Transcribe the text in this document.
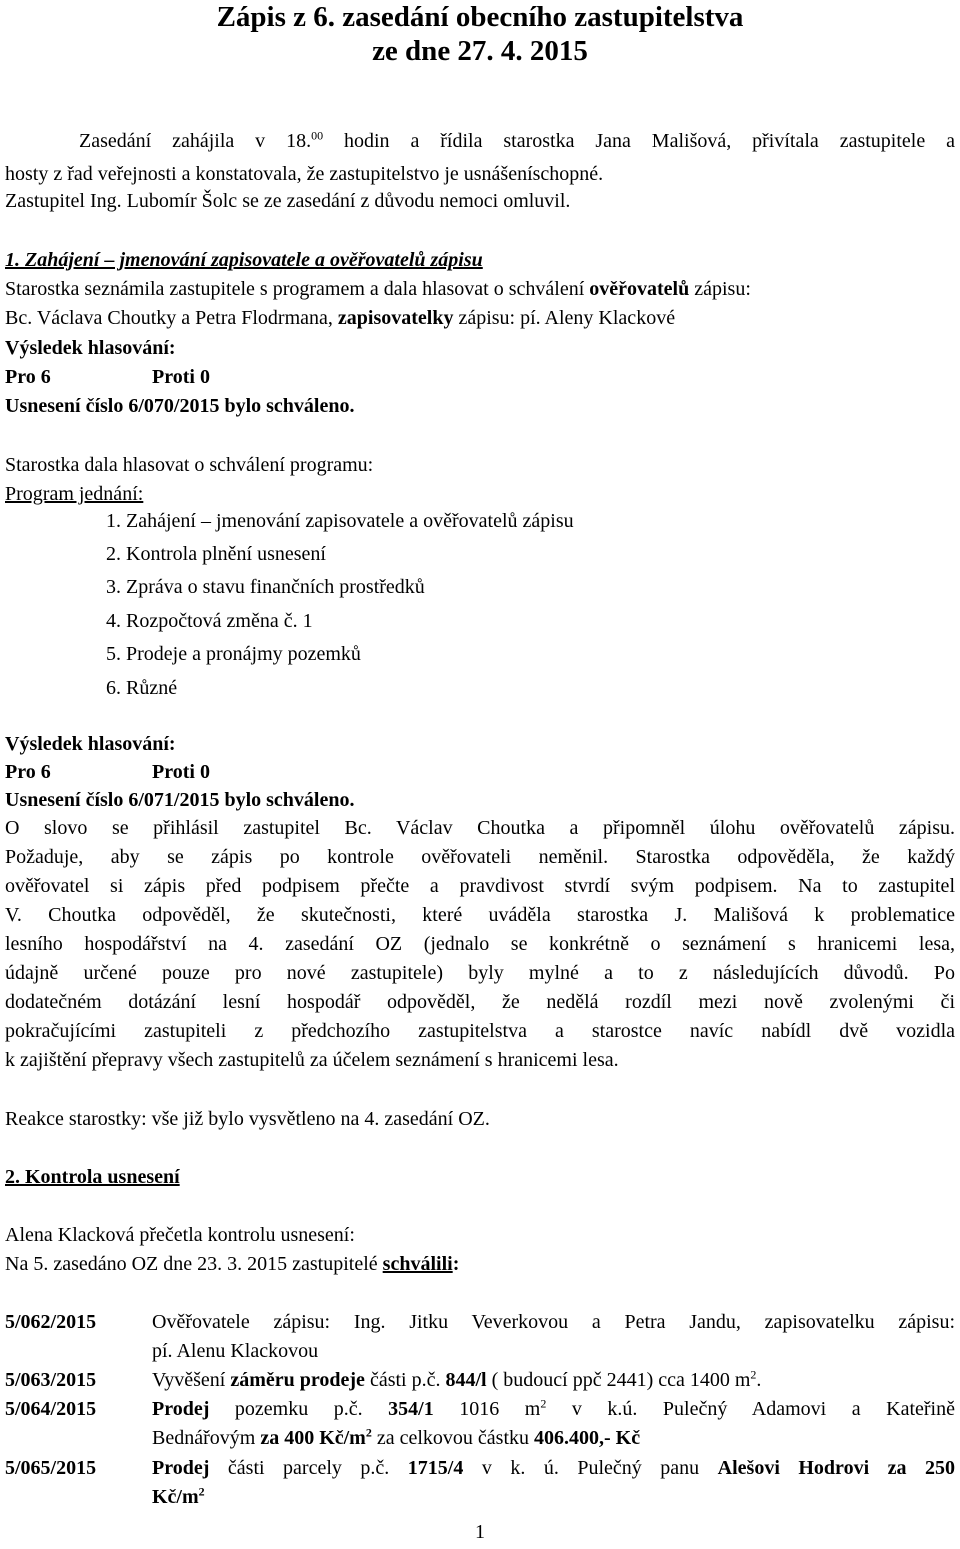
Zápis z 6. zasedání obecního zastupitelstva
ze dne 27. 4. 2015
Zasedání zahájila v 18.00 hodin a řídila starostka Jana Mališová, přivítala zastupitele a
hosty z řad veřejnosti a konstatovala, že zastupitelstvo je usnášeníschopné.
Zastupitel Ing. Lubomír Šolc se ze zasedání z důvodu nemoci omluvil.
1. Zahájení – jmenování zapisovatele a ověřovatelů zápisu
Starostka seznámila zastupitele s programem a dala hlasovat o schválení ověřovatelů zápisu:
Bc. Václava Choutky a Petra Flodrmana, zapisovatelky zápisu: pí. Aleny Klackové
Výsledek hlasování:
Pro 6	Proti 0
Usnesení číslo 6/070/2015 bylo schváleno.
Starostka dala hlasovat o schválení programu:
Program jednání:
1. Zahájení – jmenování zapisovatele a ověřovatelů zápisu
2. Kontrola plnění usnesení
3. Zpráva o stavu finančních prostředků
4. Rozpočtová změna č. 1
5. Prodeje a pronájmy pozemků
6. Různé
Výsledek hlasování:
Pro 6	Proti 0
Usnesení číslo 6/071/2015 bylo schváleno.
O slovo se přihlásil zastupitel Bc. Václav Choutka a připomněl úlohu ověřovatelů zápisu.
Požaduje, aby se zápis po kontrole ověřovateli neměnil. Starostka odpověděla, že každý
ověřovatel si zápis před podpisem přečte a pravdivost stvrdí svým podpisem. Na to zastupitel
V. Choutka odpověděl, že skutečnosti, které uváděla starostka J. Mališová k problematice
lesního hospodářství na 4. zasedání OZ (jednalo se konkrétně o seznámení s hranicemi lesa,
údajně určené pouze pro nové zastupitele) byly mylné a to z následujících důvodů. Po
dodatečném dotázání lesní hospodář odpověděl, že nedělá rozdíl mezi nově zvolenými či
pokračujícími zastupiteli z předchozího zastupitelstva a starostce navíc nabídl dvě vozidla
k zajištění přepravy všech zastupitelů za účelem seznámení s hranicemi lesa.
Reakce starostky: vše již bylo vysvětleno na 4. zasedání OZ.
2. Kontrola usnesení
Alena Klacková přečetla kontrolu usnesení:
Na 5. zasedáno OZ dne 23. 3. 2015 zastupitelé schválili:
5/062/2015	Ověřovatele zápisu: Ing. Jitku Veverkovou a Petra Jandu, zapisovatelku zápisu:
pí. Alenu Klackovou
5/063/2015	Vyvěšení záměru prodeje části p.č. 844/l ( budoucí ppč 2441) cca 1400 $m^2$.
5/064/2015	Prodej pozemku p.č. 354/1 1016 $m^2$ v k.ú. Pulečný Adamovi a Kateřině
Bednářovým za 400 $Kč/m^2$ za celkovou částku 406.400,- Kč
5/065/2015	Prodej části parcely p.č. 1715/4 v k. ú. Pulečný panu Alešovi Hodrovi za 250
$Kč/m^2$
1
